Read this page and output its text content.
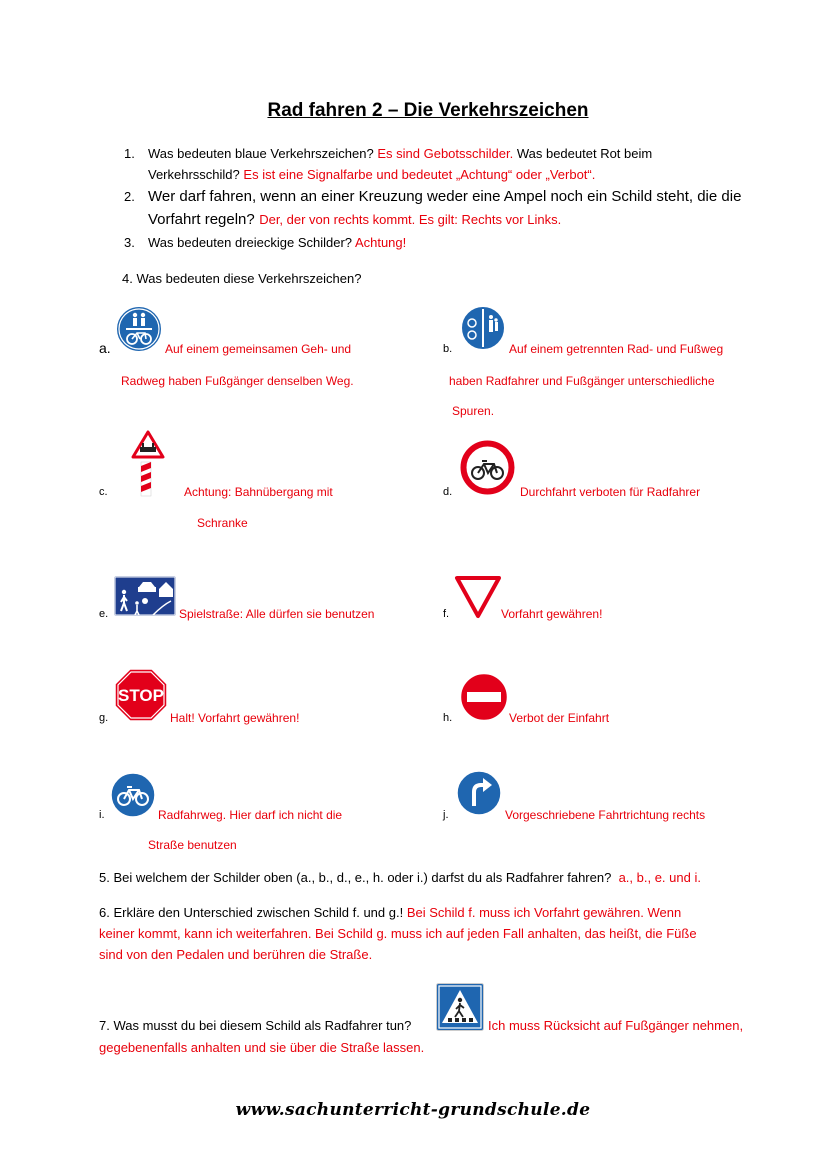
Rad fahren 2 – Die Verkehrszeichen
1. Was bedeuten blaue Verkehrszeichen? Es sind Gebotsschilder. Was bedeutet Rot beim
Verkehrsschild? Es ist eine Signalfarbe und bedeutet „Achtung“ oder „Verbot“.
2. Wer darf fahren, wenn an einer Kreuzung weder eine Ampel noch ein Schild steht, die die
Vorfahrt regeln? Der, der von rechts kommt. Es gilt: Rechts vor Links.
3. Was bedeuten dreieckige Schilder? Achtung!
4. Was bedeuten diese Verkehrszeichen?
a.	Auf einem gemeinsamen Geh- und
Radweg haben Fußgänger denselben Weg.
b.	Auf einem getrennten Rad- und Fußweg
haben Radfahrer und Fußgänger unterschiedliche
Spuren.
c.	Achtung: Bahnübergang mit
Schranke
d.	Durchfahrt verboten für Radfahrer
e.	Spielstraße: Alle dürfen sie benutzen	f.	Vorfahrt gewähren!
g.
STOP
Halt! Vorfahrt gewähren!	h.	Verbot der Einfahrt
i.	Radfahrweg. Hier darf ich nicht die
Straße benutzen
j.	Vorgeschriebene Fahrtrichtung rechts
5. Bei welchem der Schilder oben (a., b., d., e., h. oder i.) darfst du als Radfahrer fahren? a., b., e. und i.
6. Erkläre den Unterschied zwischen Schild f. und g.! Bei Schild f. muss ich Vorfahrt gewähren. Wenn
keiner kommt, kann ich weiterfahren. Bei Schild g. muss ich auf jeden Fall anhalten, das heißt, die Füße
sind von den Pedalen und berühren die Straße.
7. Was musst du bei diesem Schild als Radfahrer tun?	Ich muss Rücksicht auf Fußgänger nehmen,
gegebenenfalls anhalten und sie über die Straße lassen.
www.sachunterricht-grundschule.de
